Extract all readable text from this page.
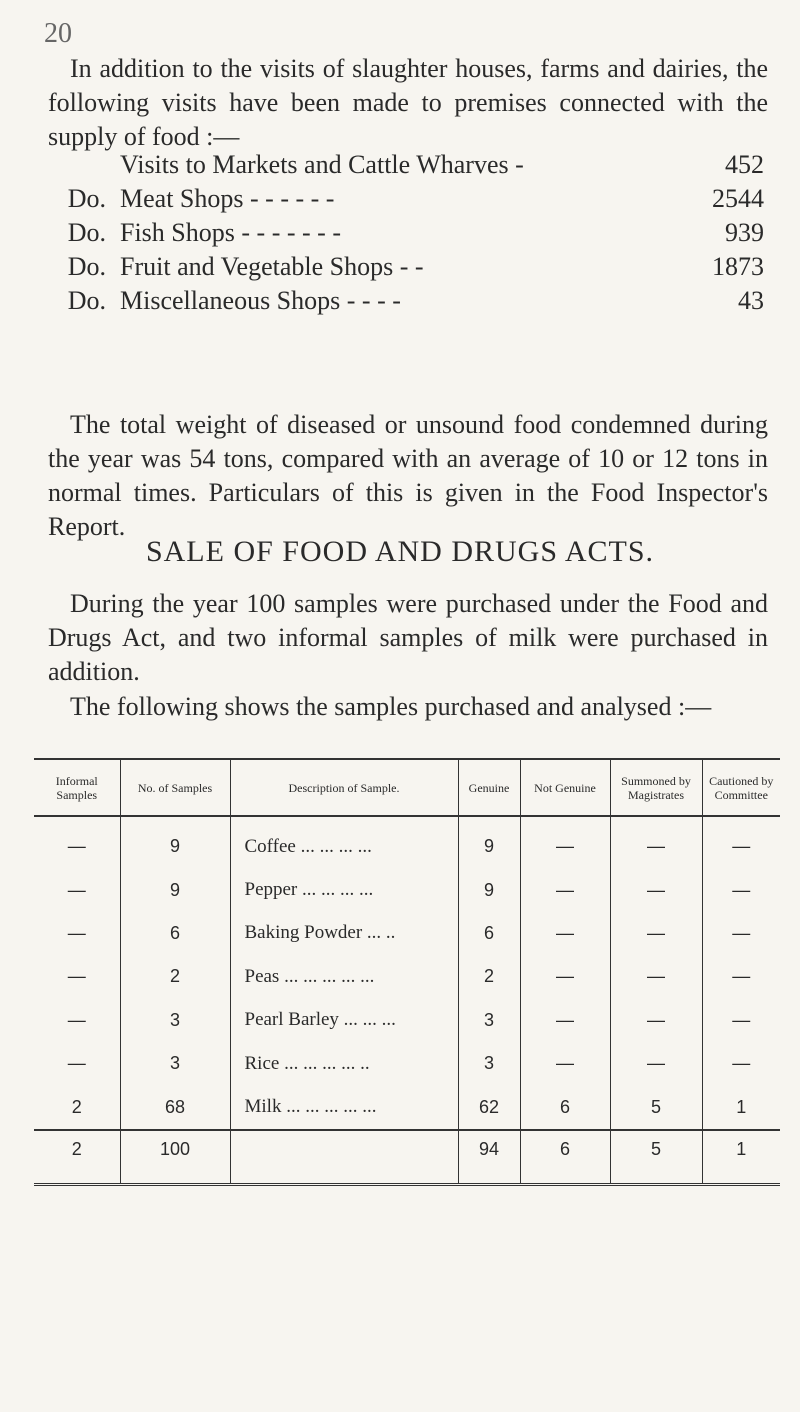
20
In addition to the visits of slaughter houses, farms and dairies, the following visits have been made to premises connected with the supply of food :—
Visits to Markets and Cattle Wharves -	452
Do. Meat Shops - - - - - -	2544
Do. Fish Shops - - - - - - -	939
Do. Fruit and Vegetable Shops - -	1873
Do. Miscellaneous Shops - - - -	43
The total weight of diseased or unsound food condemned during the year was 54 tons, compared with an average of 10 or 12 tons in normal times. Particulars of this is given in the Food Inspector's Report.
SALE OF FOOD AND DRUGS ACTS.
During the year 100 samples were purchased under the Food and Drugs Act, and two informal samples of milk were purchased in addition.
The following shows the samples purchased and analysed :—
Informal Samples	No. of Samples	Description of Sample.	Genuine	Not Genuine	Summoned by Magistrates	Cautioned by Committee
—	9	Coffee ... ... ... ...	9	—	—	—
—	9	Pepper ... ... ... ...	9	—	—	—
—	6	Baking Powder ... ..	6	—	—	—
—	2	Peas ... ... ... ... ...	2	—	—	—
—	3	Pearl Barley ... ... ...	3	—	—	—
—	3	Rice ... ... ... ... ..	3	—	—	—
2	68	Milk ... ... ... ... ...	62	6	5	1
2	100		94	6	5	1
